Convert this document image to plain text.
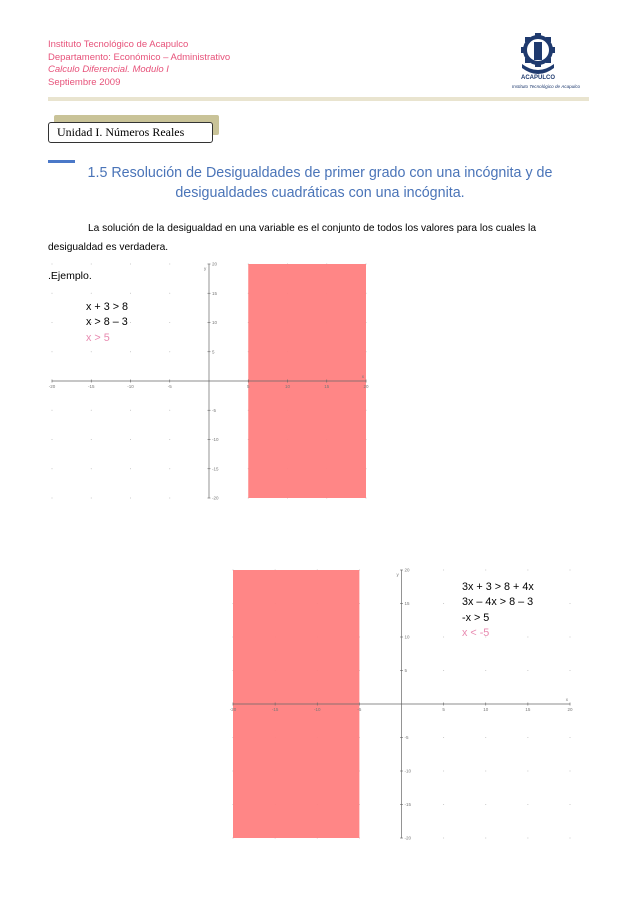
Instituto Tecnológico de Acapulco
Departamento: Económico – Administrativo
Calculo Diferencial. Modulo I
Septiembre 2009	ACAPULCO
Instituto Tecnológico de Acapulco
Unidad I. Números Reales
1.5 Resolución de Desigualdades de primer grado con una incógnita y de desigualdades cuadráticas con una incógnita.
La solución de la desigualdad en una variable es el conjunto de todos los valores para los cuales la desigualdad es verdadera.
.Ejemplo.
-20	-15	-10	-5	5	10	15	20
-20
-15
-10
-5
5
10
15
20
x
y
x + 3 > 8
x > 8 – 3
x > 5
-20	-15	-10	-5	5	10	15	20
-20
-15
-10
-5
5
10
15
20
x
y
3x + 3 > 8 + 4x
3x – 4x > 8 – 3
-x > 5
x < -5
